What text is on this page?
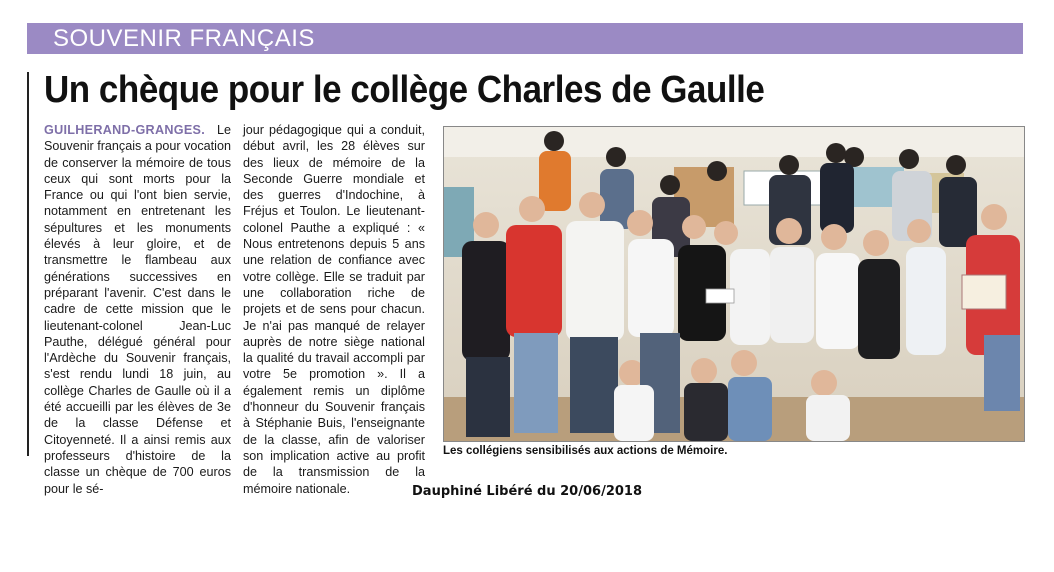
SOUVENIR FRANÇAIS
Un chèque pour le collège Charles de Gaulle
GUILHERAND-GRANGES. Le Souvenir français a pour vocation de conserver la mémoire de tous ceux qui sont morts pour la France ou qui l'ont bien servie, notamment en entretenant les sépultures et les monuments élevés à leur gloire, et de transmettre le flambeau aux générations successives en préparant l'avenir. C'est dans le cadre de cette mission que le lieutenant-colonel Jean-Luc Pauthe, délégué général pour l'Ardèche du Souvenir français, s'est rendu lundi 18 juin, au collège Charles de Gaulle où il a été accueilli par les élèves de 3e de la classe Défense et Citoyenneté. Il a ainsi remis aux professeurs d'histoire de la classe un chèque de 700 euros pour le sé-
jour pédagogique qui a conduit, début avril, les 28 élèves sur des lieux de mémoire de la Seconde Guerre mondiale et des guerres d'Indochine, à Fréjus et Toulon. Le lieutenant-colonel Pauthe a expliqué : « Nous entretenons depuis 5 ans une relation de confiance avec votre collège. Elle se traduit par une collaboration riche de projets et de sens pour chacun. Je n'ai pas manqué de relayer auprès de notre siège national la qualité du travail accompli par votre 5e promotion ». Il a également remis un diplôme d'honneur du Souvenir français à Stéphanie Buis, l'enseignante de la classe, afin de valoriser son implication active au profit de la transmission de la mémoire nationale.
Les collégiens sensibilisés aux actions de Mémoire.
Dauphiné Libéré du 20/06/2018
